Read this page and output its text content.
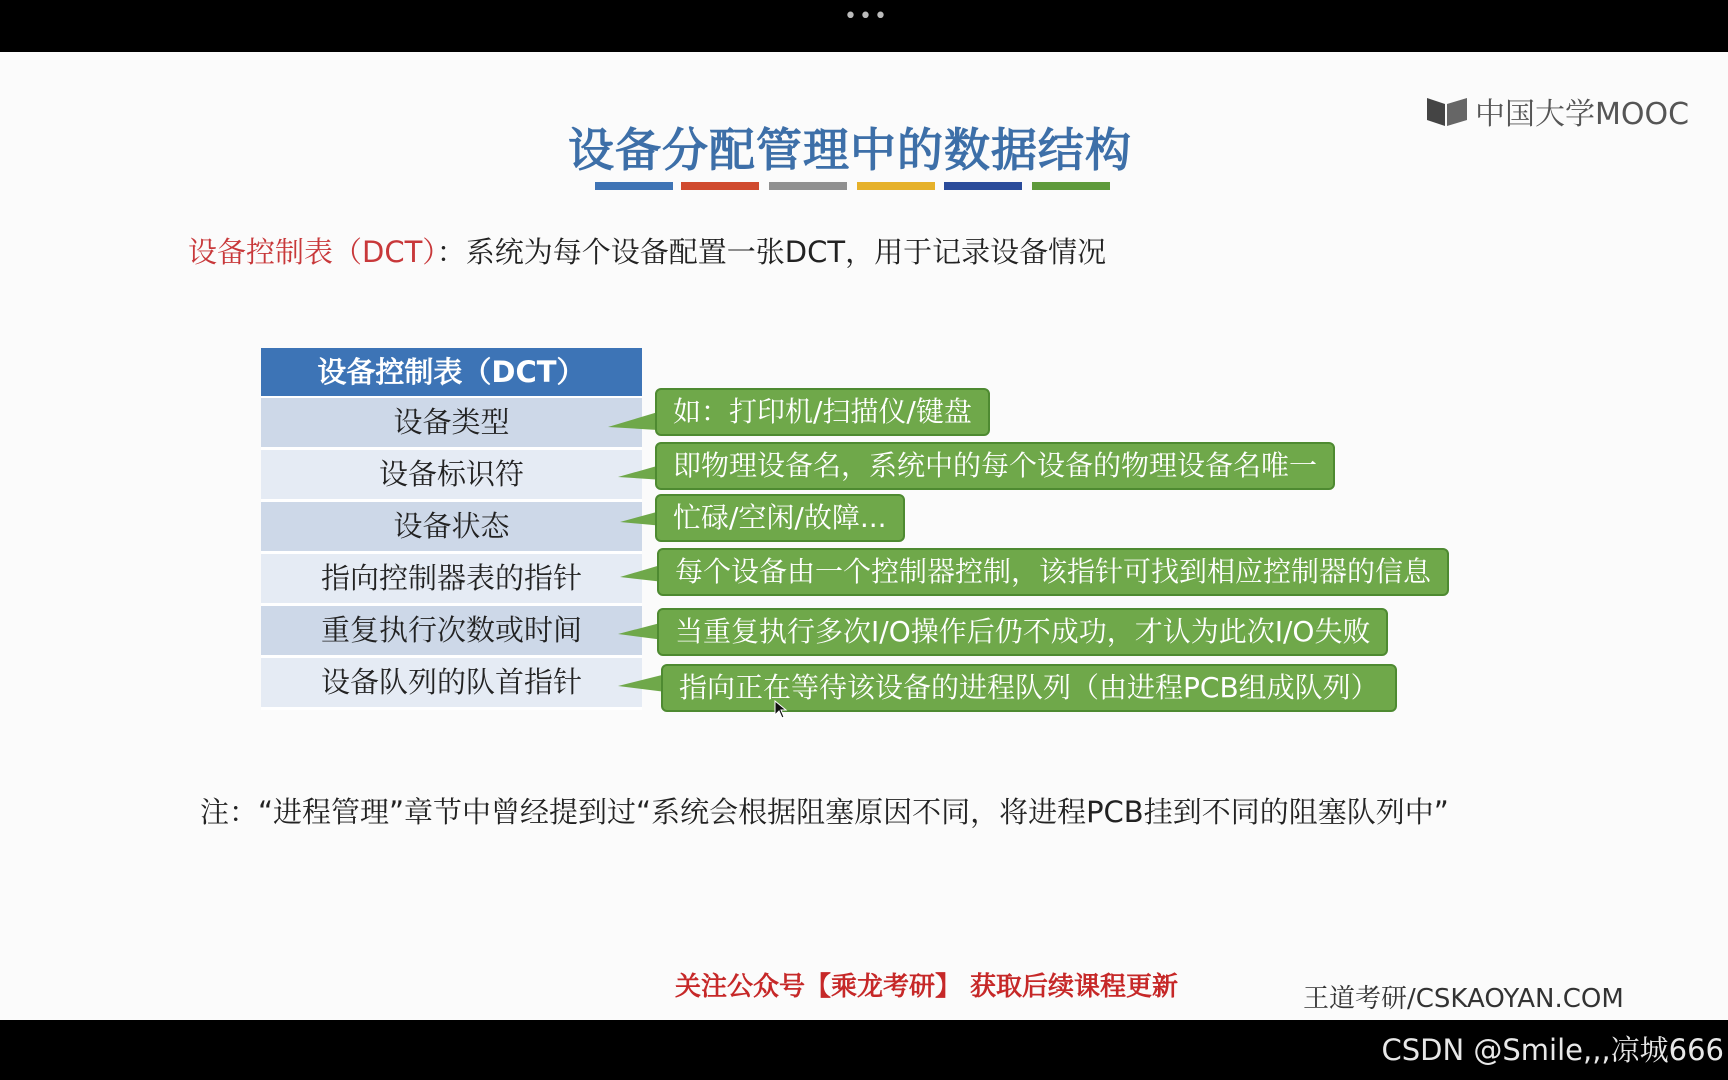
•••
中国大学MOOC
设备分配管理中的数据结构
设备控制表（DCT）：系统为每个设备配置一张DCT，用于记录设备情况
设备控制表（DCT）
设备类型
设备标识符
设备状态
指向控制器表的指针
重复执行次数或时间
设备队列的队首指针
如：打印机/扫描仪/键盘
即物理设备名，系统中的每个设备的物理设备名唯一
忙碌/空闲/故障...
每个设备由一个控制器控制，该指针可找到相应控制器的信息
当重复执行多次I/O操作后仍不成功，才认为此次I/O失败
指向正在等待该设备的进程队列（由进程PCB组成队列）
注：“进程管理”章节中曾经提到过“系统会根据阻塞原因不同，将进程PCB挂到不同的阻塞队列中”
关注公众号【乘龙考研】 获取后续课程更新	王道考研/CSKAOYAN.COM
CSDN @Smile,,,凉城666
